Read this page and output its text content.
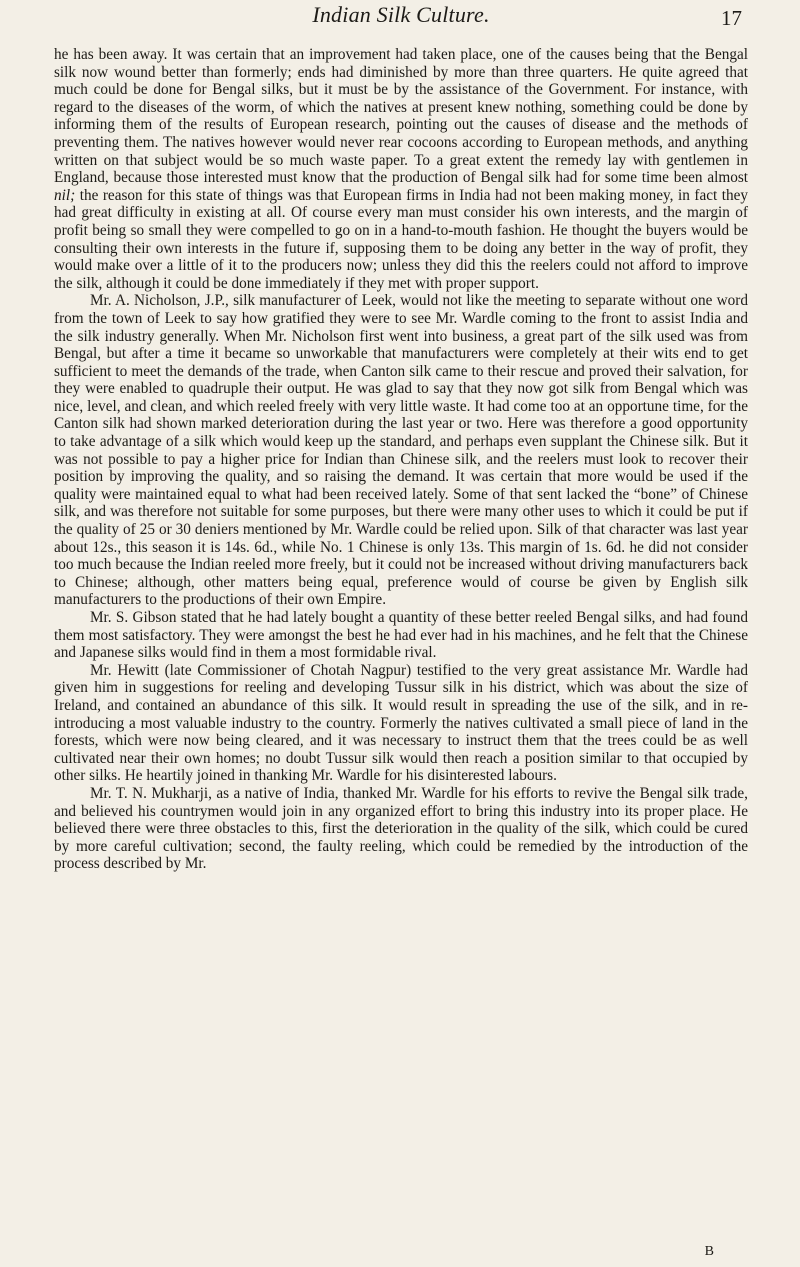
Indian Silk Culture.	17

he has been away. It was certain that an improvement had taken place, one of the causes being that the Bengal silk now wound better than formerly; ends had diminished by more than three quarters. He quite agreed that much could be done for Bengal silks, but it must be by the assistance of the Government. For instance, with regard to the diseases of the worm, of which the natives at present knew nothing, something could be done by informing them of the results of European research, pointing out the causes of disease and the methods of preventing them. The natives however would never rear cocoons according to European methods, and anything written on that subject would be so much waste paper. To a great extent the remedy lay with gentlemen in England, because those interested must know that the production of Bengal silk had for some time been almost nil; the reason for this state of things was that European firms in India had not been making money, in fact they had great difficulty in existing at all. Of course every man must consider his own interests, and the margin of profit being so small they were compelled to go on in a hand-to-mouth fashion. He thought the buyers would be consulting their own interests in the future if, supposing them to be doing any better in the way of profit, they would make over a little of it to the producers now; unless they did this the reelers could not afford to improve the silk, although it could be done immediately if they met with proper support.

Mr. A. Nicholson, J.P., silk manufacturer of Leek, would not like the meeting to separate without one word from the town of Leek to say how gratified they were to see Mr. Wardle coming to the front to assist India and the silk industry generally. When Mr. Nicholson first went into business, a great part of the silk used was from Bengal, but after a time it became so unworkable that manufacturers were completely at their wits end to get sufficient to meet the demands of the trade, when Canton silk came to their rescue and proved their salvation, for they were enabled to quadruple their output. He was glad to say that they now got silk from Bengal which was nice, level, and clean, and which reeled freely with very little waste. It had come too at an opportune time, for the Canton silk had shown marked deterioration during the last year or two. Here was therefore a good opportunity to take advantage of a silk which would keep up the standard, and perhaps even supplant the Chinese silk. But it was not possible to pay a higher price for Indian than Chinese silk, and the reelers must look to recover their position by improving the quality, and so raising the demand. It was certain that more would be used if the quality were maintained equal to what had been received lately. Some of that sent lacked the “bone” of Chinese silk, and was therefore not suitable for some purposes, but there were many other uses to which it could be put if the quality of 25 or 30 deniers mentioned by Mr. Wardle could be relied upon. Silk of that character was last year about 12s., this season it is 14s. 6d., while No. 1 Chinese is only 13s. This margin of 1s. 6d. he did not consider too much because the Indian reeled more freely, but it could not be increased without driving manufacturers back to Chinese; although, other matters being equal, preference would of course be given by English silk manufacturers to the productions of their own Empire.

Mr. S. Gibson stated that he had lately bought a quantity of these better reeled Bengal silks, and had found them most satisfactory. They were amongst the best he had ever had in his machines, and he felt that the Chinese and Japanese silks would find in them a most formidable rival.

Mr. Hewitt (late Commissioner of Chotah Nagpur) testified to the very great assistance Mr. Wardle had given him in suggestions for reeling and developing Tussur silk in his district, which was about the size of Ireland, and contained an abundance of this silk. It would result in spreading the use of the silk, and in re-introducing a most valuable industry to the country. Formerly the natives cultivated a small piece of land in the forests, which were now being cleared, and it was necessary to instruct them that the trees could be as well cultivated near their own homes; no doubt Tussur silk would then reach a position similar to that occupied by other silks. He heartily joined in thanking Mr. Wardle for his disinterested labours.

Mr. T. N. Mukharji, as a native of India, thanked Mr. Wardle for his efforts to revive the Bengal silk trade, and believed his countrymen would join in any organized effort to bring this industry into its proper place. He believed there were three obstacles to this, first the deterioration in the quality of the silk, which could be cured by more careful cultivation; second, the faulty reeling, which could be remedied by the introduction of the process described by Mr.

B
